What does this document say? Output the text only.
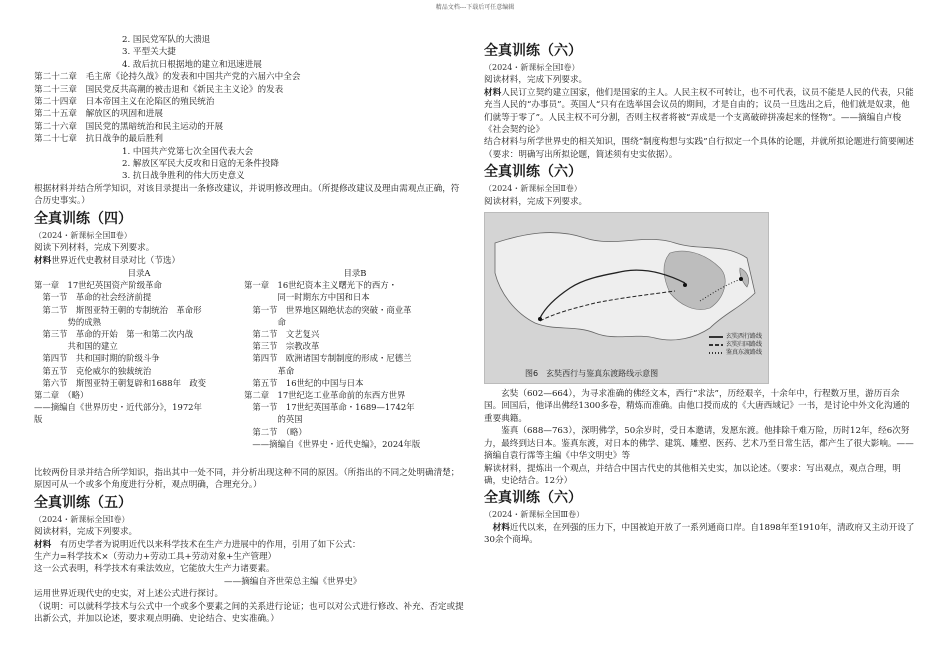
精品文档---下载后可任意编辑
2. 国民党军队的大溃退
3. 平型关大捷
4. 敌后抗日根据地的建立和迅速进展
第二十二章　毛主席《论持久战》的发表和中国共产党的六届六中全会
第二十三章　国民党反共高潮的被击退和《新民主主义论》的发表
第二十四章　日本帝国主义在沦陷区的殖民统治
第二十五章　解放区的巩固和进展
第二十六章　国民党的黑暗统治和民主运动的开展
第二十七章　抗日战争的最后胜利
1. 中国共产党第七次全国代表大会
2. 解放区军民大反攻和日寇的无条件投降
3. 抗日战争胜利的伟大历史意义
根据材料并结合所学知识，对该目录提出一条修改建议，并说明修改理由。（所提修改建议及理由需观点正确，符合历史事实。）
全真训练（四）
（2024・新课标全国Ⅱ卷）
阅读下列材料，完成下列要求。
材料世界近代史教材目录对比（节选）
目录A
第一章　17世纪英国资产阶级革命
　第一节　革命的社会经济前提
　第二节　斯图亚特王朝的专制统治　革命形
　　　　势的成熟
　第三节　革命的开始　第一和第二次内战
　　　　共和国的建立
　第四节　共和国时期的阶级斗争
　第五节　克伦威尔的独裁统治
　第六节　斯图亚特王朝复辟和1688年　政变
第二章　（略）
——摘编自《世界历史・近代部分》，1972年
版
目录B
第一章　16世纪资本主义曙光下的西方・
　　　　同一时期东方中国和日本
　第一节　世界地区隔绝状态的突破・商业革
　　　　命
　第二节　文艺复兴
　第三节　宗教改革
　第四节　欧洲诸国专制制度的形成・尼德兰
　　　　革命
　第五节　16世纪的中国与日本
第二章　17世纪迄工业革命前的东西方世界
　第一节　17世纪英国革命・1689—1742年
　　　　的英国
　第二节　（略）
　——摘编自《世界史・近代史编》，2024年版
比较两份目录并结合所学知识，指出其中一处不同，并分析出现这种不同的原因。（所指出的不同之处明确清楚；原因可从一个或多个角度进行分析，观点明确，合理充分。）
全真训练（五）
（2024・新课标全国Ⅰ卷）
阅读材料，完成下列要求。
材料　 有历史学者为说明近代以来科学技术在生产力进展中的作用，引用了如下公式：
生产力=科学技术×（劳动力+劳动工具+劳动对象+生产管理）
这一公式表明，科学技术有乘法效应，它能放大生产力诸要素。
——摘编自齐世荣总主编《世界史》
运用世界近现代史的史实，对上述公式进行探讨。
（说明：可以就科学技术与公式中一个或多个要素之间的关系进行论证；也可以对公式进行修改、补充、否定或提出新公式，并加以论述，要求观点明确、史论结合、史实准确。）
全真训练（六）
（2024・新课标全国Ⅰ卷）
阅读材料，完成下列要求。
材料人民订立契约建立国家，他们是国家的主人。人民主权不可转让，也不可代表，议员不能是人民的代表，只能充当人民的“办事员”。英国人“只有在选举国会议员的期间，才是自由的；议员一旦选出之后，他们就是奴隶，他们就等于零了”。人民主权不可分割，否则主权者将被“弄成是一个支离破碎拼凑起来的怪物”。——摘编自卢梭《社会契约论》
结合材料与所学世界史的相关知识，围绕“制度构想与实践”自行拟定一个具体的论题，并就所拟论题进行简要阐述（要求：明确写出所拟论题，简述须有史实依据）。
全真训练（六）
（2024・新课标全国Ⅱ卷）
阅读材料，完成下列要求。
玄奘西行路线
玄奘归国路线
鉴真东渡路线
图6　玄奘西行与鉴真东渡路线示意图
玄奘（602—664），为寻求准确的佛经文本，西行“求法”，历经艰辛，十余年中，行程数万里，游历百余国。回国后，他译出佛经1300多卷，精炼而准确。由他口授而成的《大唐西域记》一书，是讨论中外文化沟通的重要典籍。
鉴真（688—763），深明佛学，50余岁时，受日本邀请，发愿东渡。他排除千难万险，历时12年，经6次努力，最终到达日本。鉴真东渡，对日本的佛学、建筑、雕塑、医药、艺术乃至日常生活，都产生了很大影响。——摘编自袁行霈等主编《中华文明史》等
解读材料，提炼出一个观点，并结合中国古代史的其他相关史实，加以论述。（要求：写出观点，观点合理，明确，史论结合。12分）
全真训练（六）
（2024・新课标全国Ⅲ卷）
材料近代以来，在列强的压力下，中国被迫开放了一系列通商口岸。自1898年至1910年，清政府又主动开设了30余个商埠。
